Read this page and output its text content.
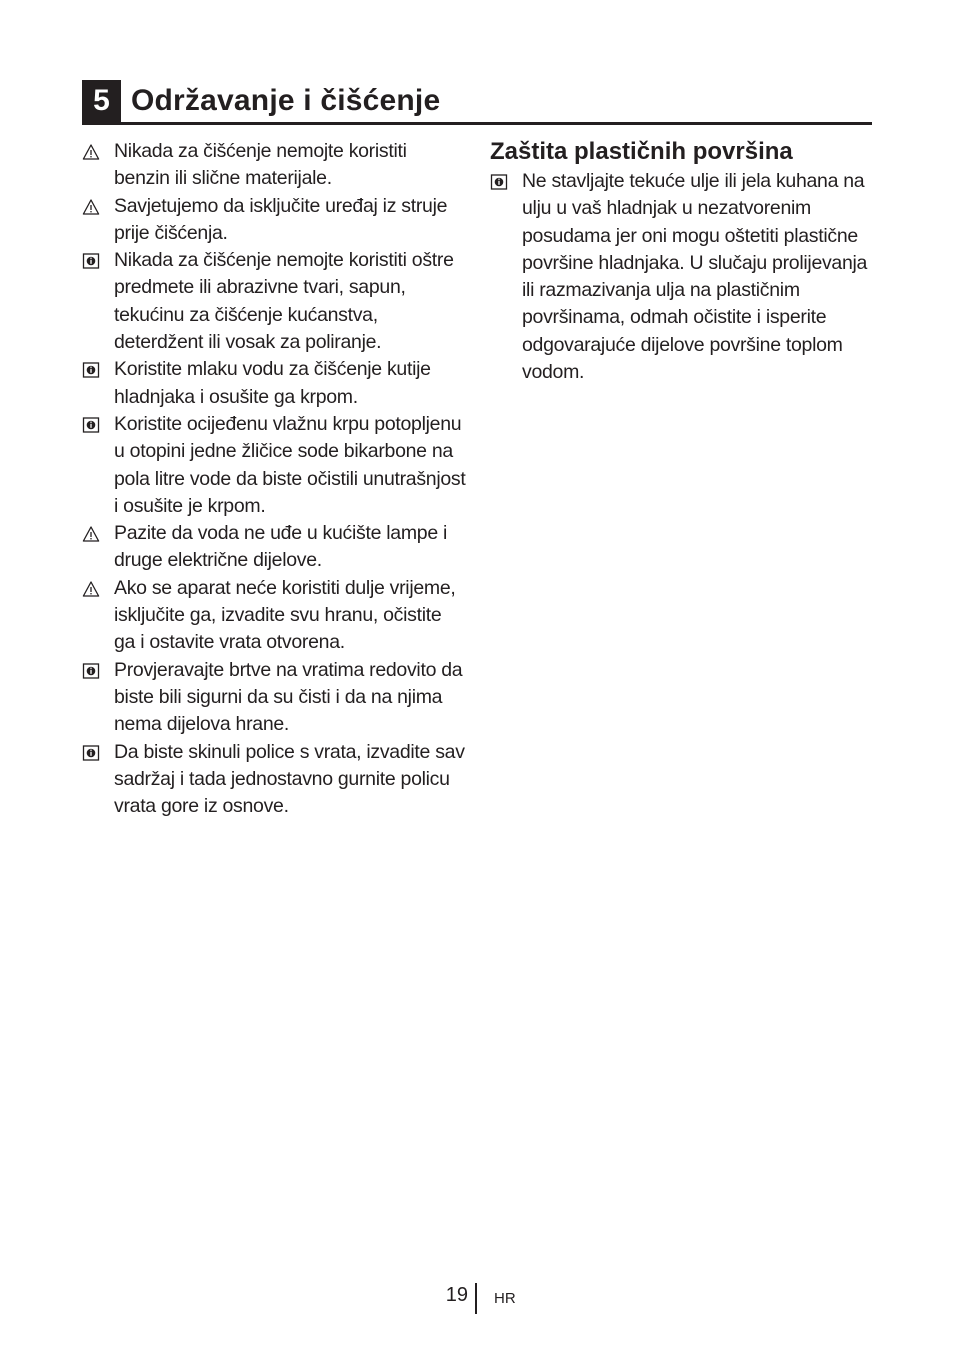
5 Održavanje i čišćenje
Nikada za čišćenje nemojte koristiti benzin ili slične materijale.
Savjetujemo da isključite uređaj iz struje prije čišćenja.
Nikada za čišćenje nemojte koristiti oštre predmete ili abrazivne tvari, sapun, tekućinu za čišćenje kućanstva, deterdžent ili vosak za poliranje.
Koristite mlaku vodu za čišćenje kutije hladnjaka i osušite ga krpom.
Koristite ocijeđenu vlažnu krpu potopljenu u otopini jedne žličice sode bikarbone na pola litre vode da biste očistili unutrašnjost i osušite je krpom.
Pazite da voda ne uđe u kućište lampe i druge električne dijelove.
Ako se aparat neće koristiti dulje vrijeme, isključite ga, izvadite svu hranu, očistite ga i ostavite vrata otvorena.
Provjeravajte brtve na vratima redovito da biste bili sigurni da su čisti i da na njima nema dijelova hrane.
Da biste skinuli police s vrata, izvadite sav sadržaj i tada jednostavno gurnite policu vrata gore iz osnove.
Zaštita plastičnih površina
Ne stavljajte tekuće ulje ili jela kuhana na ulju u vaš hladnjak u nezatvorenim posudama jer oni mogu oštetiti plastične površine hladnjaka. U slučaju prolijevanja ili razmazivanja ulja na plastičnim površinama, odmah očistite i isperite odgovarajuće dijelove površine toplom vodom.
19 HR
